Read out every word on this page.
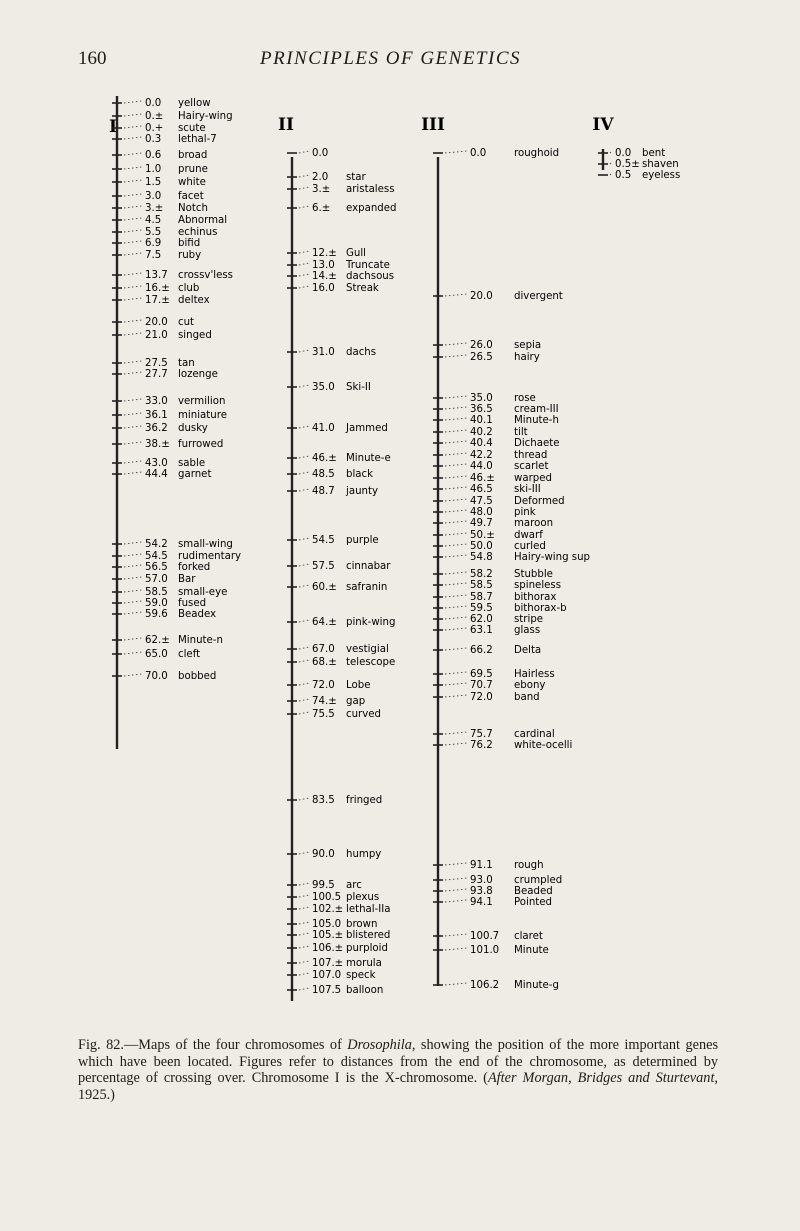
160	PRINCIPLES OF GENETICS
I
0.0 yellow
0.± Hairy-wing
0.+ scute
0.3 lethal-7
0.6 broad
1.0 prune
1.5 white
3.0 facet
3.± Notch
4.5 Abnormal
5.5 echinus
6.9 bifid
7.5 ruby
13.7 crossv'less
16.± club
17.± deltex
20.0 cut
21.0 singed
27.5 tan
27.7 lozenge
33.0 vermilion
36.1 miniature
36.2 dusky
38.± furrowed
43.0 sable
44.4 garnet
54.2 small-wing
54.5 rudimentary
56.5 forked
57.0 Bar
58.5 small-eye
59.0 fused
59.6 Beadex
62.± Minute-n
65.0 cleft
70.0 bobbed
II
0.0
2.0 star
3.± aristaless
6.± expanded
12.± Gull
13.0 Truncate
14.± dachsous
16.0 Streak
31.0 dachs
35.0 Ski-II
41.0 Jammed
46.± Minute-e
48.5 black
48.7 jaunty
54.5 purple
57.5 cinnabar
60.± safranin
64.± pink-wing
67.0 vestigial
68.± telescope
72.0 Lobe
74.± gap
75.5 curved
83.5 fringed
90.0 humpy
99.5 arc
100.5 plexus
102.± lethal-IIa
105.0 brown
105.± blistered
106.± purploid
107.± morula
107.0 speck
107.5 balloon
III
0.0	roughoid
20.0 divergent
26.0 sepia
26.5 hairy
35.0 rose
36.5 cream-III
40.1 Minute-h
40.2 tilt
40.4 Dichaete
42.2 thread
44.0 scarlet
46.± warped
46.5 ski-III
47.5 Deformed
48.0 pink
49.7 maroon
50.± dwarf
50.0 curled
54.8 Hairy-wing sup
58.2 Stubble
58.5 spineless
58.7 bithorax
59.5 bithorax-b
62.0 stripe
63.1 glass
66.2 Delta
69.5 Hairless
70.7 ebony
72.0 band
75.7 cardinal
76.2 white-ocelli
91.1 rough
93.0 crumpled
93.8 Beaded
94.1 Pointed
100.7 claret
101.0 Minute
106.2 Minute-g
IV
0.0 bent
0.5± shaven
0.5 eyeless
Fig. 82.—Maps of the four chromosomes of Drosophila, showing the position of the more important genes which have been located. Figures refer to distances from the end of the chromosome, as determined by percentage of crossing over. Chromosome I is the X-chromosome. (After Morgan, Bridges and Sturtevant, 1925.)
